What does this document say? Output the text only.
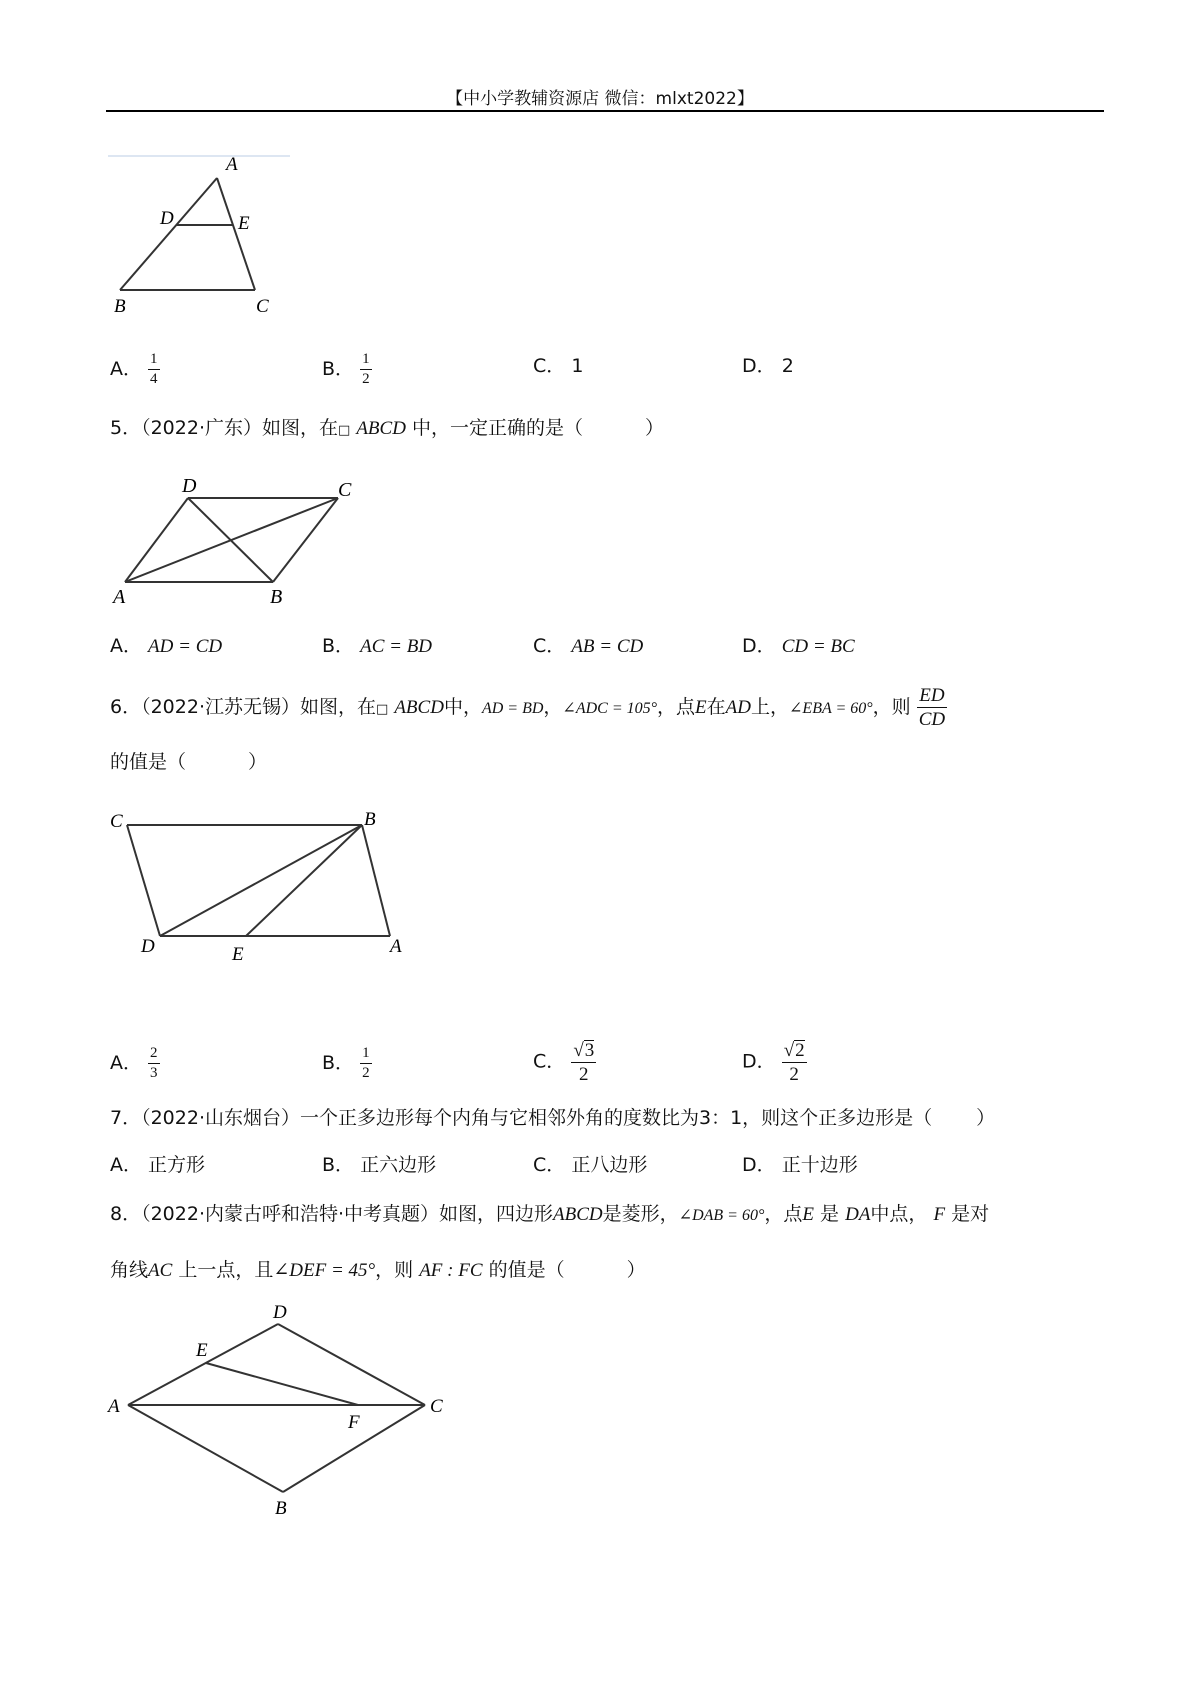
【中小学教辅资源店 微信：mlxt2022】
A
D	E
B	C
A． $\frac{1}{4}$	B． $\frac{1}{2}$	C． 1	D． 2
5．（2022·广东）如图，在□ ABCD 中，一定正确的是（	）
D	C
A	B
A． AD = CD	B． AC = BD	C． AB = CD	D． CD = BC
6．（2022·江苏无锡）如图，在□ ABCD中，AD = BD，∠ADC = 105°，点E在AD上，∠EBA = 60°，则 $\frac{ED}{CD}$
的值是（	）
C	B
D	E	A
A． $\frac{2}{3}$	B． $\frac{1}{2}$	C． $\frac{√3}{2}$	D． $\frac{√2}{2}$
7．（2022·山东烟台）一个正多边形每个内角与它相邻外角的度数比为3：1，则这个正多边形是（ ）
A． 正方形	B． 正六边形	C． 正八边形	D． 正十边形
8．（2022·内蒙古呼和浩特·中考真题）如图，四边形ABCD是菱形，∠DAB = 60°，点E 是 DA中点， F 是对
角线AC 上一点，且∠DEF = 45°，则 AF : FC 的值是（	）
D
E
A
F
C
B
